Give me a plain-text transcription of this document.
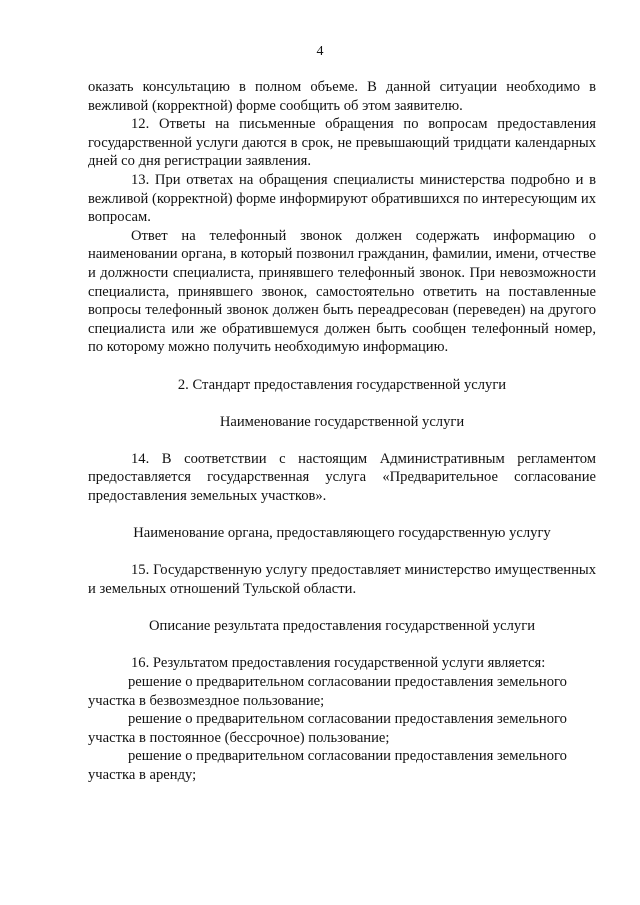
4

оказать консультацию в полном объеме. В данной ситуации необходимо в вежливой (корректной) форме сообщить об этом заявителю.

12. Ответы на письменные обращения по вопросам предоставления государственной услуги даются в срок, не превышающий тридцати календарных дней со дня регистрации заявления.

13. При ответах на обращения специалисты министерства подробно и в вежливой (корректной) форме информируют обратившихся по интересующим их вопросам.

Ответ на телефонный звонок должен содержать информацию о наименовании органа, в который позвонил гражданин, фамилии, имени, отчестве и должности специалиста, принявшего телефонный звонок. При невозможности специалиста, принявшего звонок, самостоятельно ответить на поставленные вопросы телефонный звонок должен быть переадресован (переведен) на другого специалиста или же обратившемуся должен быть сообщен телефонный номер, по которому можно получить необходимую информацию.

2. Стандарт предоставления государственной услуги

Наименование государственной услуги

14. В соответствии с настоящим Административным регламентом предоставляется государственная услуга «Предварительное согласование предоставления земельных участков».

Наименование органа, предоставляющего государственную услугу

15. Государственную услугу предоставляет министерство имущественных и земельных отношений Тульской области.

Описание результата предоставления государственной услуги

16. Результатом предоставления государственной услуги является:

решение о предварительном согласовании предоставления земельного

участка в безвозмездное пользование;

решение о предварительном согласовании предоставления земельного

участка в постоянное (бессрочное) пользование;

решение о предварительном согласовании предоставления земельного

участка в аренду;
